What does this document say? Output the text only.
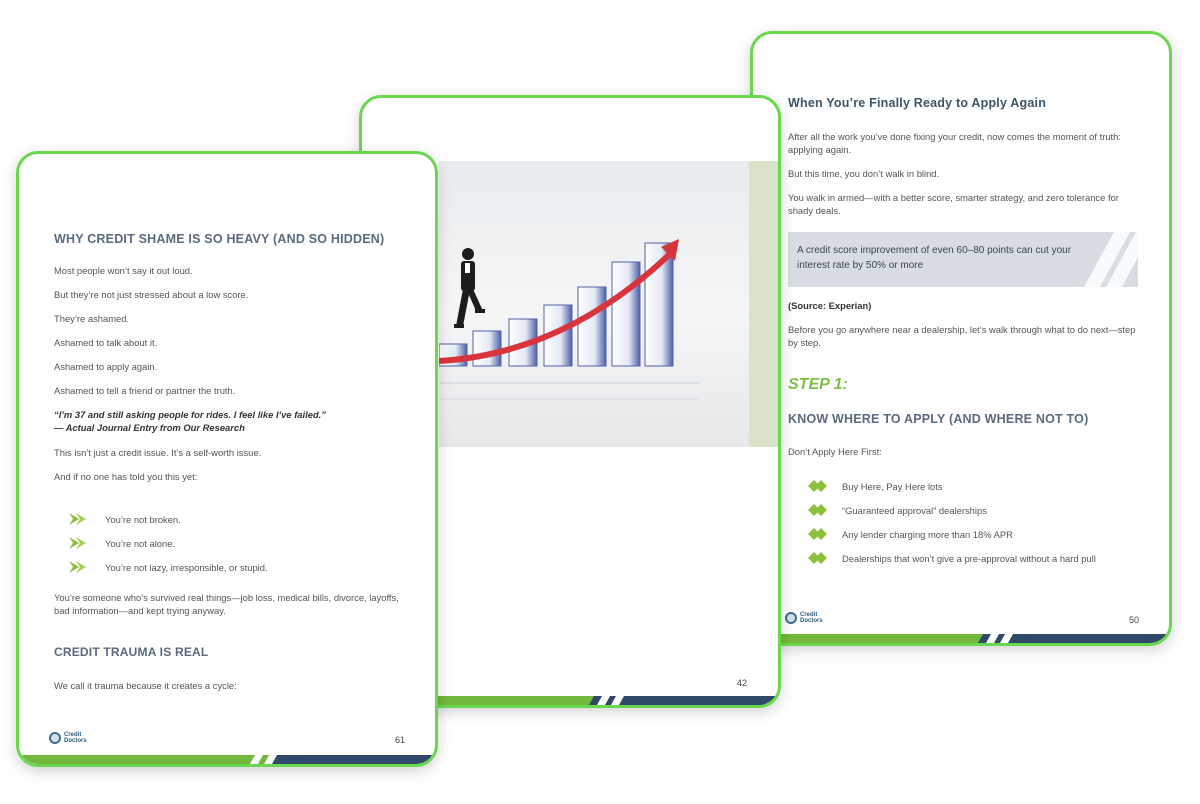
When You’re Finally Ready to Apply Again

After all the work you’ve done fixing your credit, now comes the moment of truth: applying again.

But this time, you don’t walk in blind.

You walk in armed—with a better score, smarter strategy, and zero tolerance for shady deals.

A credit score improvement of even 60–80 points can cut your interest rate by 50% or more
(Source: Experian)

Before you go anywhere near a dealership, let’s walk through what to do next—step by step.

STEP 1:
KNOW WHERE TO APPLY (AND WHERE NOT TO)

Don’t Apply Here First:

Buy Here, Pay Here lots
“Guaranteed approval” dealerships
Any lender charging more than 18% APR
Dealerships that won’t give a pre-approval without a hard pull
Credit
Doctors	50
42
WHY CREDIT SHAME IS SO HEAVY (AND SO HIDDEN)

Most people won’t say it out loud.

But they’re not just stressed about a low score.

They’re ashamed.

Ashamed to talk about it.

Ashamed to apply again.

Ashamed to tell a friend or partner the truth.

“I’m 37 and still asking people for rides. I feel like I’ve failed.”
— Actual Journal Entry from Our Research

This isn’t just a credit issue. It’s a self-worth issue.

And if no one has told you this yet:

You’re not broken.
You’re not alone.
You’re not lazy, irresponsible, or stupid.

You’re someone who’s survived real things—job loss, medical bills, divorce, layoffs, bad information—and kept trying anyway.

CREDIT TRAUMA IS REAL

We call it trauma because it creates a cycle:

Credit
Doctors	61
